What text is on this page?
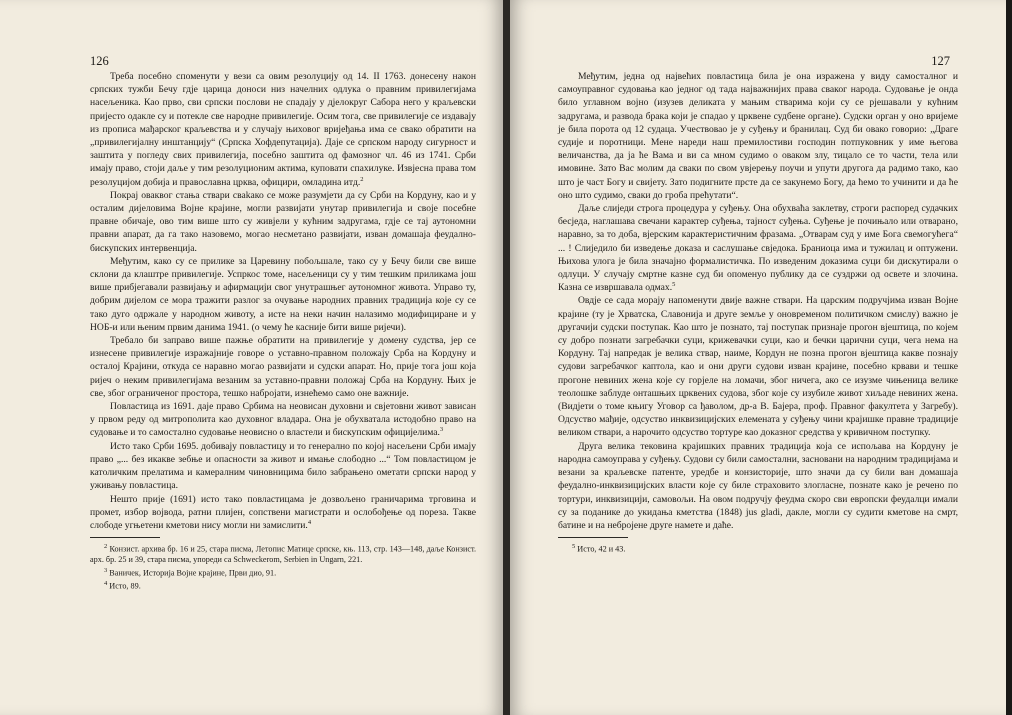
126

Треба посебно споменути у вези са овим резолуцију од 14. II 1763. донесену након српских тужби Бечу гдје царица доноси низ начелних одлука о правним привилегијама насељеника. Као прво, сви српски послови не спадају у дјелокруг Сабора него у краљевски пријесто одакле су и потекле све народне привилегије. Осим тога, све привилегије се издавају из прописа мађарског краљевства и у случају њиховог вријеђања има се свако обратити на „привилегијалну инштанцију“ (Српска Хофдепутација). Даје се српском народу сигурност и заштита у погледу свих привилегија, посебно заштита од фамозног чл. 46 из 1741. Срби имају право, стоји даље у тим резолуционим актима, куповати спахилуке. Извјесна права том резолуцијом добија и православна црква, официри, омладина итд.$^2$

Покрај оваквог стања ствари сваkако се може разумјети да су Срби на Кордуну, као и у осталим дијеловима Војне крајине, могли развијати унутар привилегија и своје посебне правне обичаје, ово тим више што су живјели у кућним задругама, гдје се тај аутономни правни апарат, да га тако назовемо, могао несметано развијати, изван домашаја феудално-бискупских интервенција.

Међутим, како су се прилике за Царевину побољшале, тако су у Бечу били све више склони да клаштре привилегије. Успркос томе, насељеници су у тим тешким приликама још више прибјегавали развијању и афирмацији свог унутрашњег аутономног живота. Управо ту, добрим дијелом се мора тражити разлог за очување народних правних традиција које су се тако дуго одржале у народном животу, а исте на неки начин налазимо модифициране и у НОБ-и или њеним првим данима 1941. (о чему ће касније бити више ријечи).

Требало би заправо више пажње обратити на привилегије у домену судства, јер се изнесене привилегије изражајније говоре о уставно-правном положају Срба на Кордуну и осталој Крајини, откуда се наравно могао развијати и судски апарат. Но, прије тога још која ријеч о неким привилегијама везаним за уставно-правни положај Срба на Кордуну. Њих је све, због ограниченог простора, тешко набројати, изнећемо само оне важније.

Повластица из 1691. даје право Србима на неовисан духовни и свјетовни живот зависан у првом реду од митрополита као духовног владара. Она је обухватала истодобно право на судовање и то самостално судовање неовисно о властели и бискупским официјелима.$^3$

Исто тако Срби 1695. добивају повластицу и то генерално по којој насељени Срби имају право „... без икакве зебње и опасности за живот и имање слободно ...“ Том повластицом је католичким прелатима и камералним чиновницима било забрањено ометати српски народ у уживању повластица.

Нешто прије (1691) исто тако повластицама је дозвољено граничарима трговина и промет, избор војвода, ратни плијен, сопствени магистрати и ослобођење од пореза. Такве слободе угњетени кметови нису могли ни замислити.$^4$

$^2$ Конзист. архива бр. 16 и 25, стара писма, Летопис Матице српске, књ. 113, стр. 143—148, даље Конзист. арх. бр. 25 и 39, стара писма, упореди са Schweckerom, Serbien in Ungarn, 221.

$^3$ Ваничек, Историја Војне крајине, Први дио, 91.

$^4$ Исто, 89.

127

Међутим, једна од највећих повластица била је она изражена у виду самосталног и самоуправног судовања као једног од тада најважнијих права сваког народа. Судовање је онда било углавном војно (изузев деликата у мањим стварима који су се рјешавали у кућним задругама, и развода брака који је спадао у црквене судбене органе). Судски орган у оно вријеме је била порота од 12 судаца. Учествовао је у суђењу и бранилац. Суд би овако говорио: „Драге судије и поротници. Мене нареди наш премилостиви господин потпуковник у име његова величанства, да ја ће Вама и ви са мном судимо о оваком злу, тицало се то части, тела или имовине. Зато Вас молим да сваки по свом увјерењу поучи и упути другога да радимо тако, као што је част Богу и свијету. Зато подигните прсте да се закунемо Богу, да ћемо то учинити и да ће оно што судимо, сваки до гроба прећутати“.

Даље слиједи строга процедура у суђењу. Она обухваћа заклетву, строги распоред судачких бесједа, наглашава свечани карактер суђења, тајност суђења. Суђење је почињало или отварано, наравно, за то доба, вјерским карактеристичним фразама. „Отварам суд у име Бога свемогућега“ ... ! Слиједило би изведење доказа и саслушање свједока. Браниоца има и тужилац и оптужени. Њихова улога је била значајно формалистичка. По изведеним доказима суци би дискутирали о одлуци. У случају смртне казне суд би опоменуо публику да се суздржи од освете и злочина. Казна се извршавала одмах.$^5$

Овдје се сада морају напоменути двије важне ствари. На царским подручјима изван Војне крајине (ту је Хрватска, Славонија и друге земље у оновременом политичком смислу) важно је другачији судски поступак. Као што је познато, тај поступак признаје прогон вјештица, по којем су добро познати загребачки суци, крижевачки суци, као и бечки царични суци, чега нема на Кордуну. Тај напредак је велика ствар, наиме, Кордун не позна прогон вјештица какве познају судови загребачког каптола, као и они други судови изван крајине, посебно крвави и тешке прогоне невиних жена које су горјеле на ломачи, због ничега, ако се изузме чињеница велике теолошке заблуде онташњих црквених судова, због које су изубиле живот хиљаде невиних жена. (Видјети о томе књигу Уговор са ђаволом, др-а В. Бајера, проф. Правног факултета у Загребу). Одсуство мађије, одсуство инквизицијских елемената у суђењу чини крајишке правне традиције великом ствари, а нарочито одсуство тортуре као доказног средства у кривичном поступку.

Друга велика тековина крајишких правних традиција која се испољава на Кордуну је народна самоуправа у суђењу. Судови су били самостални, засновани на народним традицијама и везани за краљевске патенте, уредбе и конзисторије, што значи да су били ван домашаја феудално-инквизицијских власти које су биле страховито злогласне, познате како је речено по тортури, инквизицији, самовољи. На овом подручју феудма скоро сви европски феудалци имали су за поданике до укидања кметства (1848) jus gladi, дакле, могли су судити кметове на смрт, батине и на небројене друге намете и даће.

$^5$ Исто, 42 и 43.
